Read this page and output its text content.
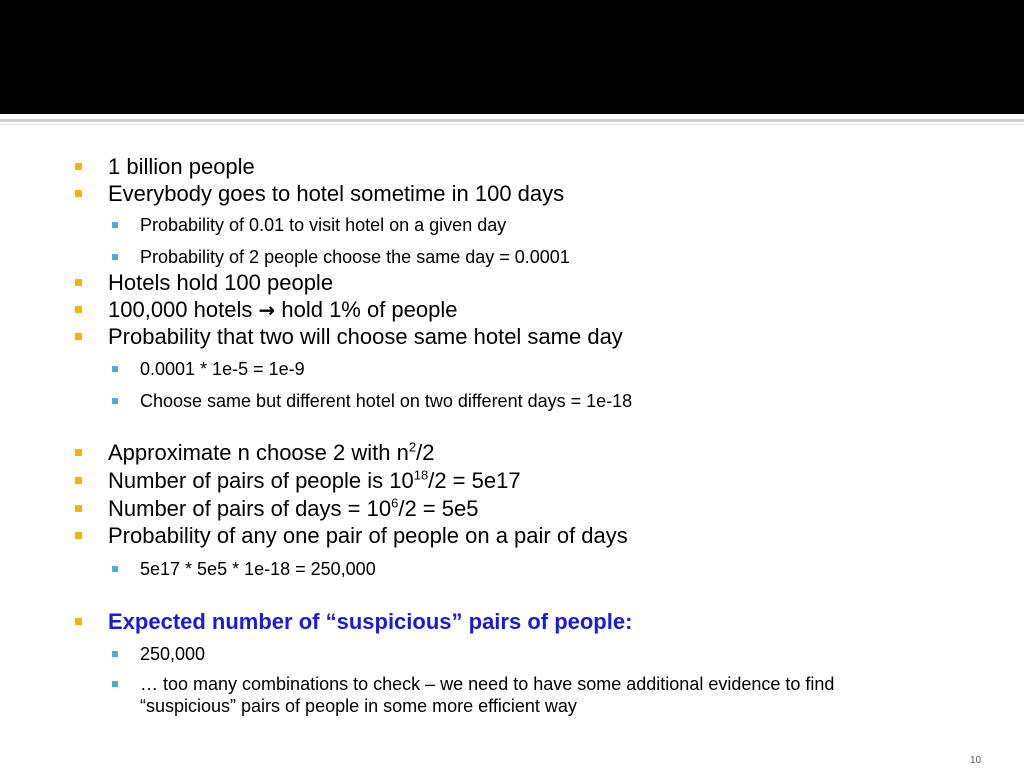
1 billion people
Everybody goes to hotel sometime in 100 days
Probability of 0.01 to visit hotel on a given day
Probability of 2 people choose the same day = 0.0001
Hotels hold 100 people
100,000 hotels → hold 1% of people
Probability that two will choose same hotel same day
0.0001 * 1e-5 = 1e-9
Choose same but different hotel on two different days = 1e-18
Approximate n choose 2 with $n^2/2$
Number of pairs of people is $10^{18}/2 = 5e17$
Number of pairs of days = $10^6/2 = 5e5$
Probability of any one pair of people on a pair of days
5e17 * 5e5 * 1e-18 = 250,000
Expected number of “suspicious” pairs of people:
250,000
… too many combinations to check – we need to have some additional evidence to find “suspicious” pairs of people in some more efficient way
10
